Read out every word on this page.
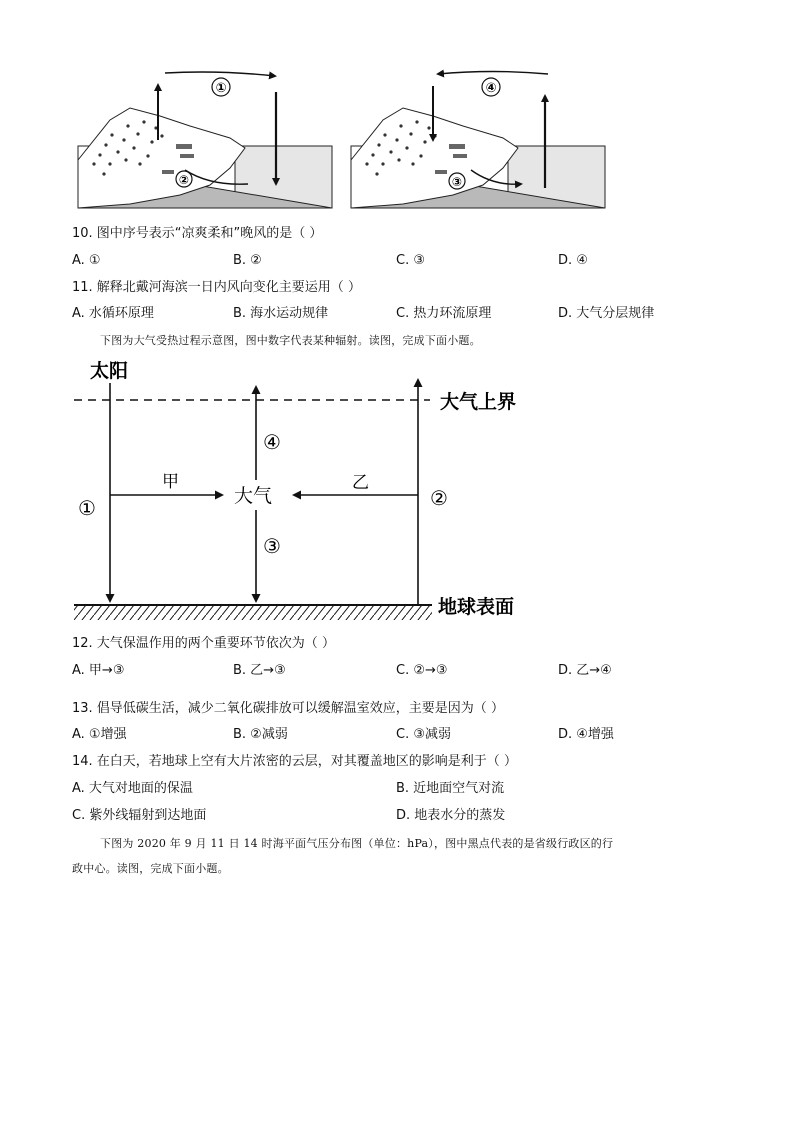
①
②
④
③
10. 图中序号表示“凉爽柔和”晚风的是（ ）
A. ①	B. ②	C. ③	D. ④
11. 解释北戴河海滨一日内风向变化主要运用（ ）
A. 水循环原理	B. 海水运动规律	C. 热力环流原理	D. 大气分层规律
下图为大气受热过程示意图，图中数字代表某种辐射。读图，完成下面小题。
太阳
大气上界
地球表面
①
甲
大气
④
③
②
乙
12. 大气保温作用的两个重要环节依次为（ ）
A. 甲→③	B. 乙→③	C. ②→③	D. 乙→④
13. 倡导低碳生活，减少二氧化碳排放可以缓解温室效应，主要是因为（ ）
A. ①增强	B. ②减弱	C. ③减弱	D. ④增强
14. 在白天，若地球上空有大片浓密的云层，对其覆盖地区的影响是利于（ ）
A. 大气对地面的保温	B. 近地面空气对流
C. 紫外线辐射到达地面	D. 地表水分的蒸发
下图为 2020 年 9 月 11 日 14 时海平面气压分布图（单位：hPa），图中黑点代表的是省级行政区的行
政中心。读图，完成下面小题。
